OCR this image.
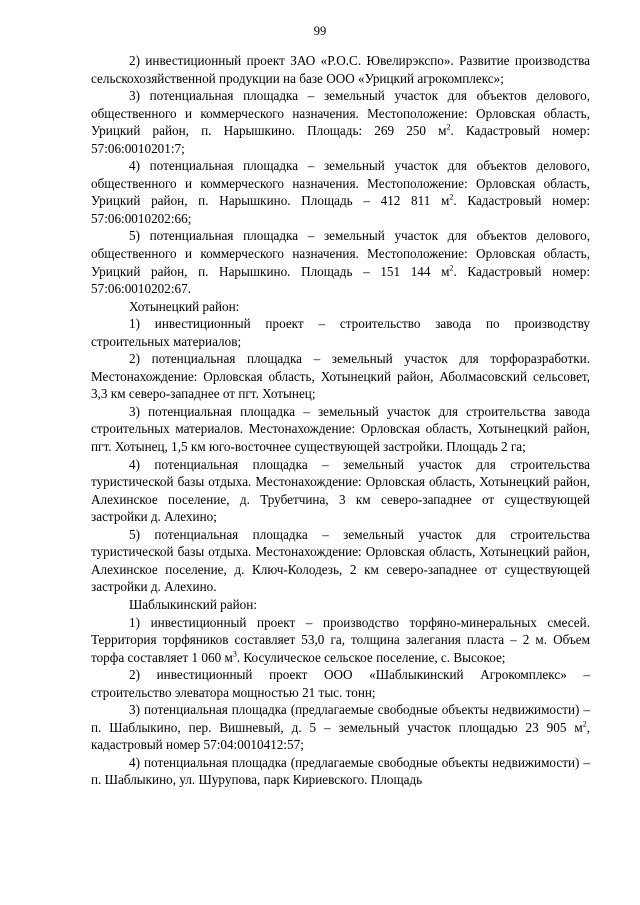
99

2) инвестиционный проект ЗАО «Р.О.С. Ювелирэкспо». Развитие производства сельскохозяйственной продукции на базе ООО «Урицкий агрокомплекс»;

3) потенциальная площадка – земельный участок для объектов делового, общественного и коммерческого назначения. Местоположение: Орловская область, Урицкий район, п. Нарышкино. Площадь: 269 250 $м^2$. Кадастровый номер: 57:06:0010201:7;

4) потенциальная площадка – земельный участок для объектов делового, общественного и коммерческого назначения. Местоположение: Орловская область, Урицкий район, п. Нарышкино. Площадь – 412 811 $м^2$. Кадастровый номер: 57:06:0010202:66;

5) потенциальная площадка – земельный участок для объектов делового, общественного и коммерческого назначения. Местоположение: Орловская область, Урицкий район, п. Нарышкино. Площадь – 151 144 $м^2$. Кадастровый номер: 57:06:0010202:67.

Хотынецкий район:

1) инвестиционный проект – строительство завода по производству строительных материалов;

2) потенциальная площадка – земельный участок для торфоразработки. Местонахождение: Орловская область, Хотынецкий район, Аболмасовский сельсовет, 3,3 км северо-западнее от пгт. Хотынец;

3) потенциальная площадка – земельный участок для строительства завода строительных материалов. Местонахождение: Орловская область, Хотынецкий район, пгт. Хотынец, 1,5 км юго-восточнее существующей застройки. Площадь 2 га;

4) потенциальная площадка – земельный участок для строительства туристической базы отдыха. Местонахождение: Орловская область, Хотынецкий район, Алехинское поселение, д. Трубетчина, 3 км северо-западнее от существующей застройки д. Алехино;

5) потенциальная площадка – земельный участок для строительства туристической базы отдыха. Местонахождение: Орловская область, Хотынецкий район, Алехинское поселение, д. Ключ-Колодезь, 2 км северо-западнее от существующей застройки д. Алехино.

Шаблыкинский район:

1) инвестиционный проект – производство торфяно-минеральных смесей. Территория торфяников составляет 53,0 га, толщина залегания пласта – 2 м. Объем торфа составляет 1 060 $м^3$. Косулическое сельское поселение, с. Высокое;

2) инвестиционный проект ООО «Шаблыкинский Агрокомплекс» – строительство элеватора мощностью 21 тыс. тонн;

3) потенциальная площадка (предлагаемые свободные объекты недвижимости) – п. Шаблыкино, пер. Вишневый, д. 5 – земельный участок площадью 23 905 $м^2$, кадастровый номер 57:04:0010412:57;

4) потенциальная площадка (предлагаемые свободные объекты недвижимости) – п. Шаблыкино, ул. Шурупова, парк Кириевского. Площадь
